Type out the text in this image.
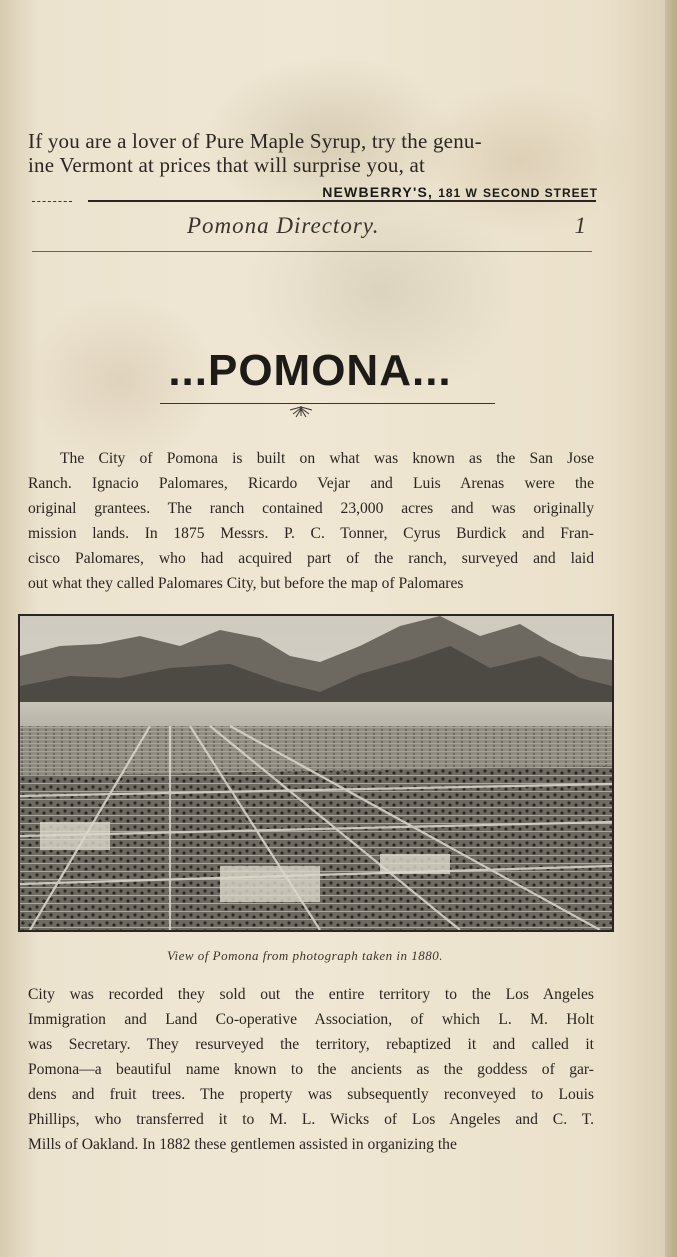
If you are a lover of Pure Maple Syrup, try the genu-
ine Vermont at prices that will surprise you, at
NEWBERRY'S, 181 W SECOND STREET
Pomona Directory.	1
...POMONA...
The City of Pomona is built on what was known as the San Jose
Ranch. Ignacio Palomares, Ricardo Vejar and Luis Arenas were the
original grantees. The ranch contained 23,000 acres and was originally
mission lands. In 1875 Messrs. P. C. Tonner, Cyrus Burdick and Fran-
cisco Palomares, who had acquired part of the ranch, surveyed and laid
out what they called Palomares City, but before the map of Palomares
View of Pomona from photograph taken in 1880.
City was recorded they sold out the entire territory to the Los Angeles
Immigration and Land Co-operative Association, of which L. M. Holt
was Secretary. They resurveyed the territory, rebaptized it and called it
Pomona—a beautiful name known to the ancients as the goddess of gar-
dens and fruit trees. The property was subsequently reconveyed to Louis
Phillips, who transferred it to M. L. Wicks of Los Angeles and C. T.
Mills of Oakland. In 1882 these gentlemen assisted in organizing the
